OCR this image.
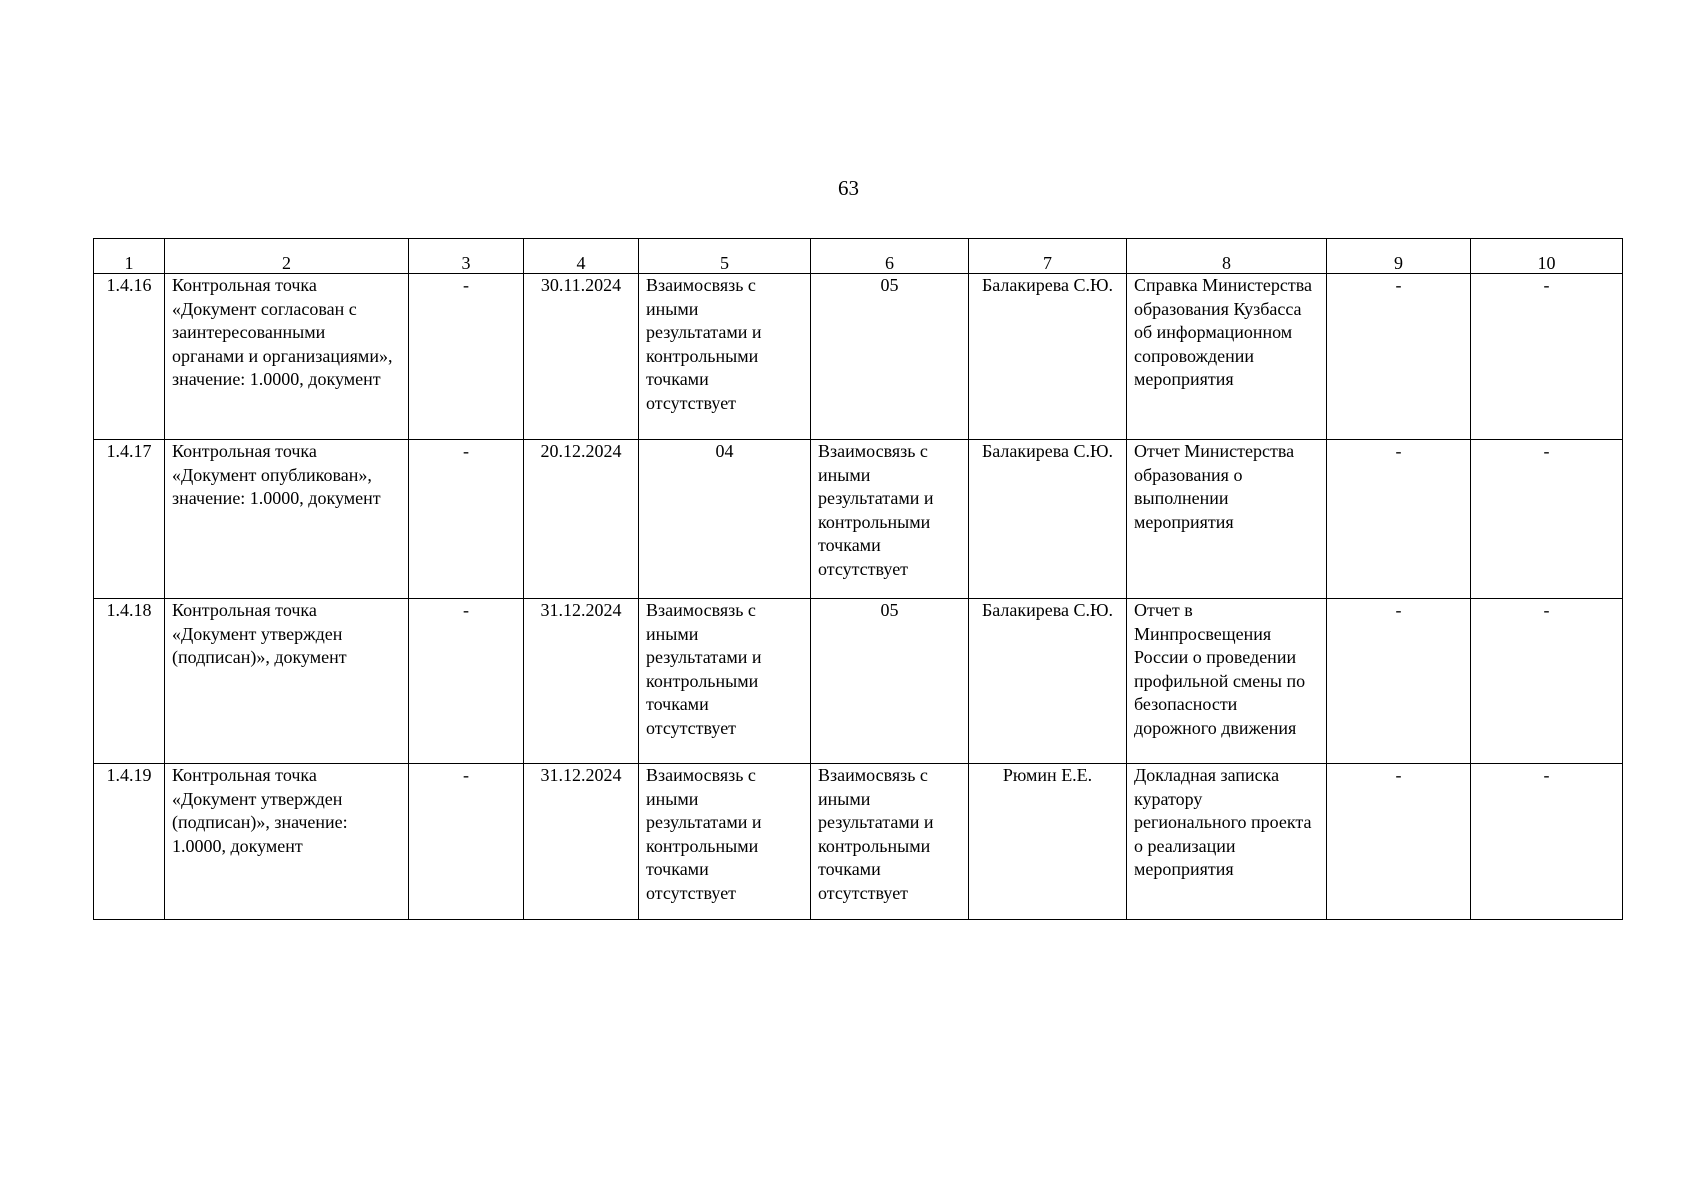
63
1	2	3	4	5	6	7	8	9	10
1.4.16	Контрольная точка «Документ согласован с заинтересованными органами и организациями», значение: 1.0000, документ	-	30.11.2024	Взаимосвязь с иными результатами и контрольными точками отсутствует	05	Балакирева С.Ю.	Справка Министерства образования Кузбасса об информационном сопровождении мероприятия	-	-
1.4.17	Контрольная точка «Документ опубликован», значение: 1.0000, документ	-	20.12.2024	04	Взаимосвязь с иными результатами и контрольными точками отсутствует	Балакирева С.Ю.	Отчет Министерства образования о выполнении мероприятия	-	-
1.4.18	Контрольная точка «Документ утвержден (подписан)», документ	-	31.12.2024	Взаимосвязь с иными результатами и контрольными точками отсутствует	05	Балакирева С.Ю.	Отчет в Минпросвещения России о проведении профильной смены по безопасности дорожного движения	-	-
1.4.19	Контрольная точка «Документ утвержден (подписан)», значение: 1.0000, документ	-	31.12.2024	Взаимосвязь с иными результатами и контрольными точками отсутствует	Взаимосвязь с иными результатами и контрольными точками отсутствует	Рюмин Е.Е.	Докладная записка куратору регионального проекта о реализации мероприятия	-	-
